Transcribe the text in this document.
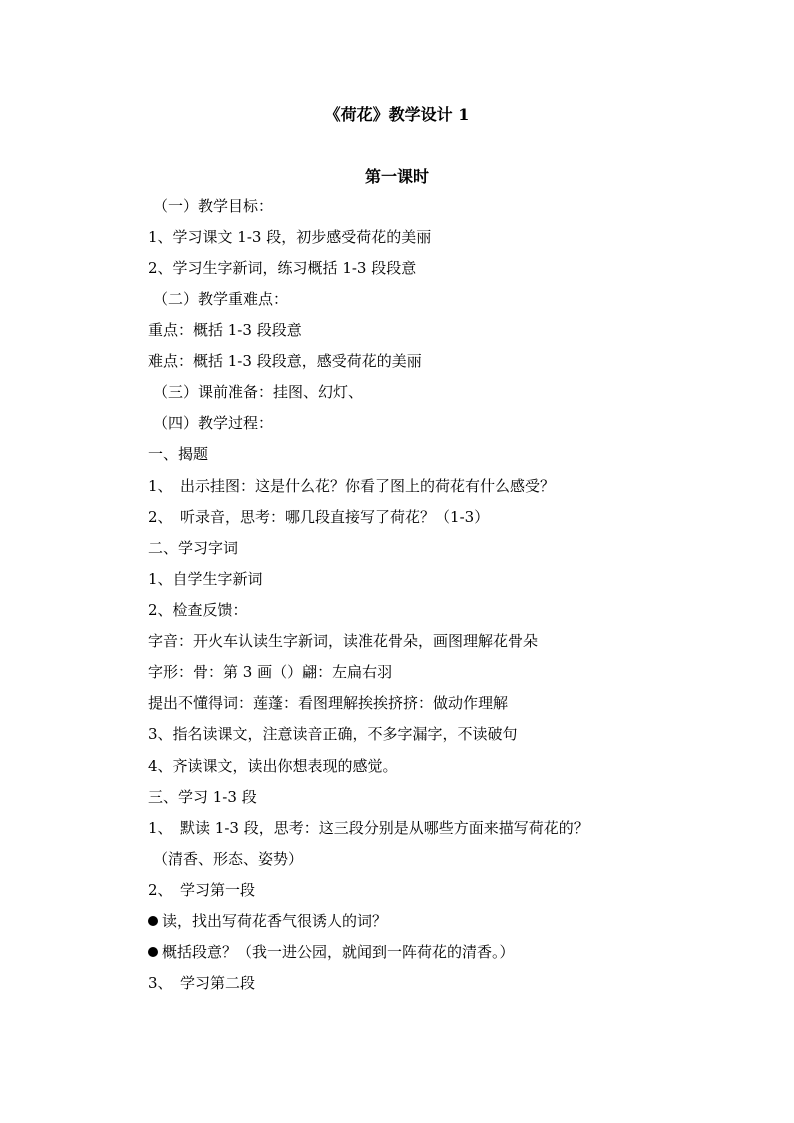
《荷花》教学设计 1
第一课时
（一）教学目标：
1、学习课文 1-3 段，初步感受荷花的美丽
2、学习生字新词，练习概括 1-3 段段意
（二）教学重难点：
重点：概括 1-3 段段意
难点：概括 1-3 段段意，感受荷花的美丽
（三）课前准备：挂图、幻灯、
（四）教学过程：
一、揭题
1、　出示挂图：这是什么花？你看了图上的荷花有什么感受？
2、　听录音，思考：哪几段直接写了荷花？（1-3）
二、学习字词
1、自学生字新词
2、检查反馈：
字音：开火车认读生字新词，读准花骨朵，画图理解花骨朵
字形：骨：第 3 画（）翩：左扁右羽
提出不懂得词：莲蓬：看图理解挨挨挤挤：做动作理解
3、指名读课文，注意读音正确，不多字漏字，不读破句
4、齐读课文，读出你想表现的感觉。
三、学习 1-3 段
1、　默读 1-3 段，思考：这三段分别是从哪些方面来描写荷花的？
（清香、形态、姿势）
2、　学习第一段
读，找出写荷花香气很诱人的词？
概括段意？（我一进公园，就闻到一阵荷花的清香。）
3、　学习第二段
